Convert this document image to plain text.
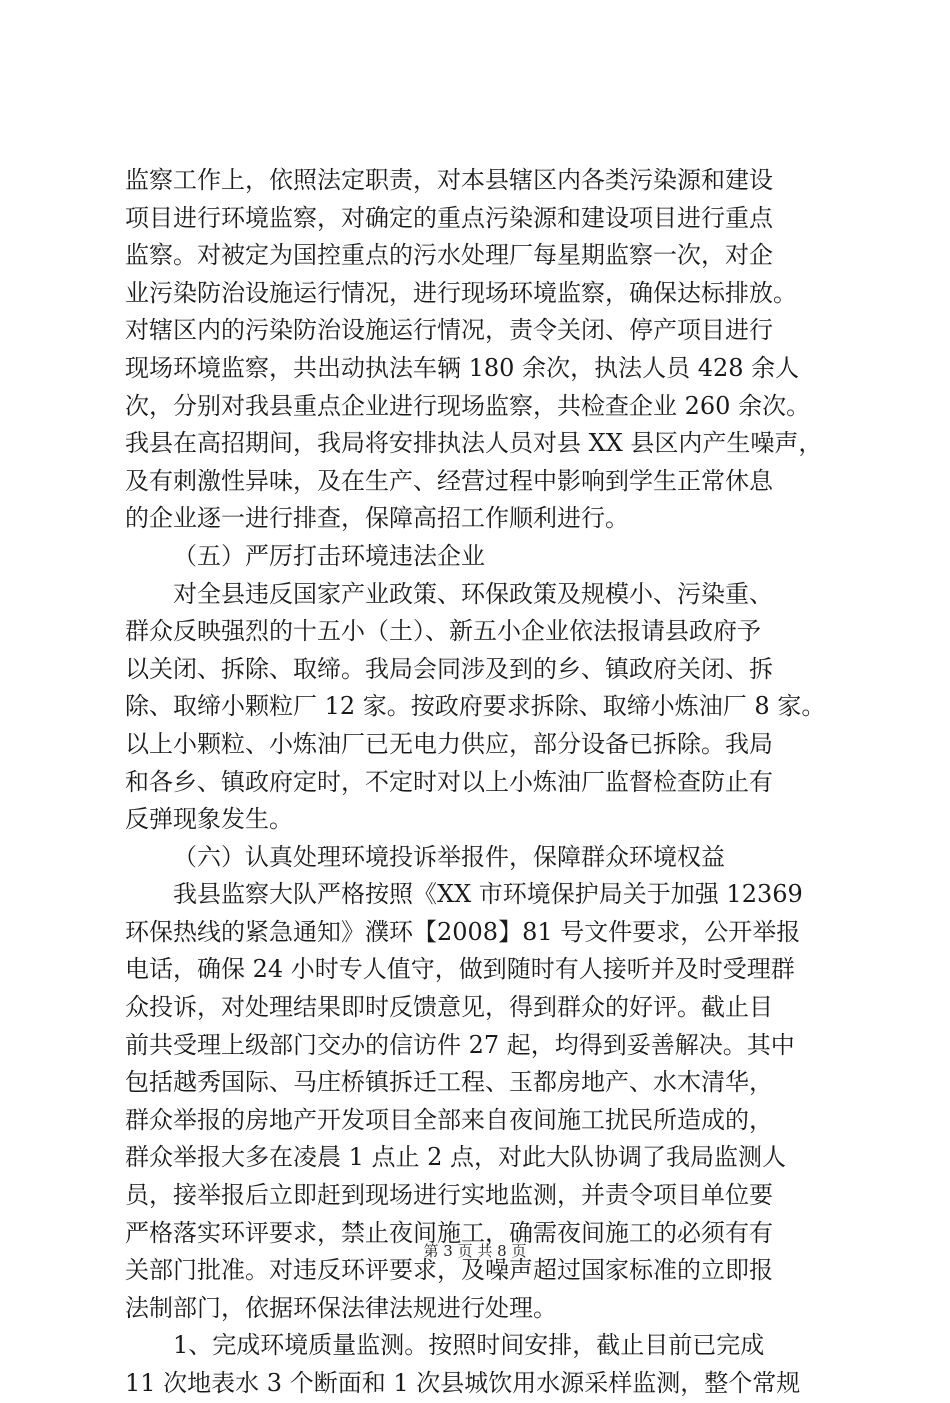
监察工作上，依照法定职责，对本县辖区内各类污染源和建设
项目进行环境监察，对确定的重点污染源和建设项目进行重点
监察。对被定为国控重点的污水处理厂每星期监察一次，对企
业污染防治设施运行情况，进行现场环境监察，确保达标排放。
对辖区内的污染防治设施运行情况，责令关闭、停产项目进行
现场环境监察，共出动执法车辆 180 余次，执法人员 428 余人
次，分别对我县重点企业进行现场监察，共检查企业 260 余次。
我县在高招期间，我局将安排执法人员对县 XX 县区内产生噪声，
及有刺激性异味，及在生产、经营过程中影响到学生正常休息
的企业逐一进行排查，保障高招工作顺利进行。
（五）严厉打击环境违法企业
对全县违反国家产业政策、环保政策及规模小、污染重、
群众反映强烈的十五小（土）、新五小企业依法报请县政府予
以关闭、拆除、取缔。我局会同涉及到的乡、镇政府关闭、拆
除、取缔小颗粒厂 12 家。按政府要求拆除、取缔小炼油厂 8 家。
以上小颗粒、小炼油厂已无电力供应，部分设备已拆除。我局
和各乡、镇政府定时，不定时对以上小炼油厂监督检查防止有
反弹现象发生。
（六）认真处理环境投诉举报件，保障群众环境权益
我县监察大队严格按照《XX 市环境保护局关于加强 12369
环保热线的紧急通知》濮环【2008】81 号文件要求，公开举报
电话，确保 24 小时专人值守，做到随时有人接听并及时受理群
众投诉，对处理结果即时反馈意见，得到群众的好评。截止目
前共受理上级部门交办的信访件 27 起，均得到妥善解决。其中
包括越秀国际、马庄桥镇拆迁工程、玉都房地产、水木清华，
群众举报的房地产开发项目全部来自夜间施工扰民所造成的，
群众举报大多在凌晨 1 点止 2 点，对此大队协调了我局监测人
员，接举报后立即赶到现场进行实地监测，并责令项目单位要
严格落实环评要求，禁止夜间施工，确需夜间施工的必须有有
关部门批准。对违反环评要求，及噪声超过国家标准的立即报
法制部门，依据环保法律法规进行处理。
1、完成环境质量监测。按照时间安排，截止目前已完成
11 次地表水 3 个断面和 1 次县城饮用水源采样监测，整个常规
第 3 页 共 8 页
